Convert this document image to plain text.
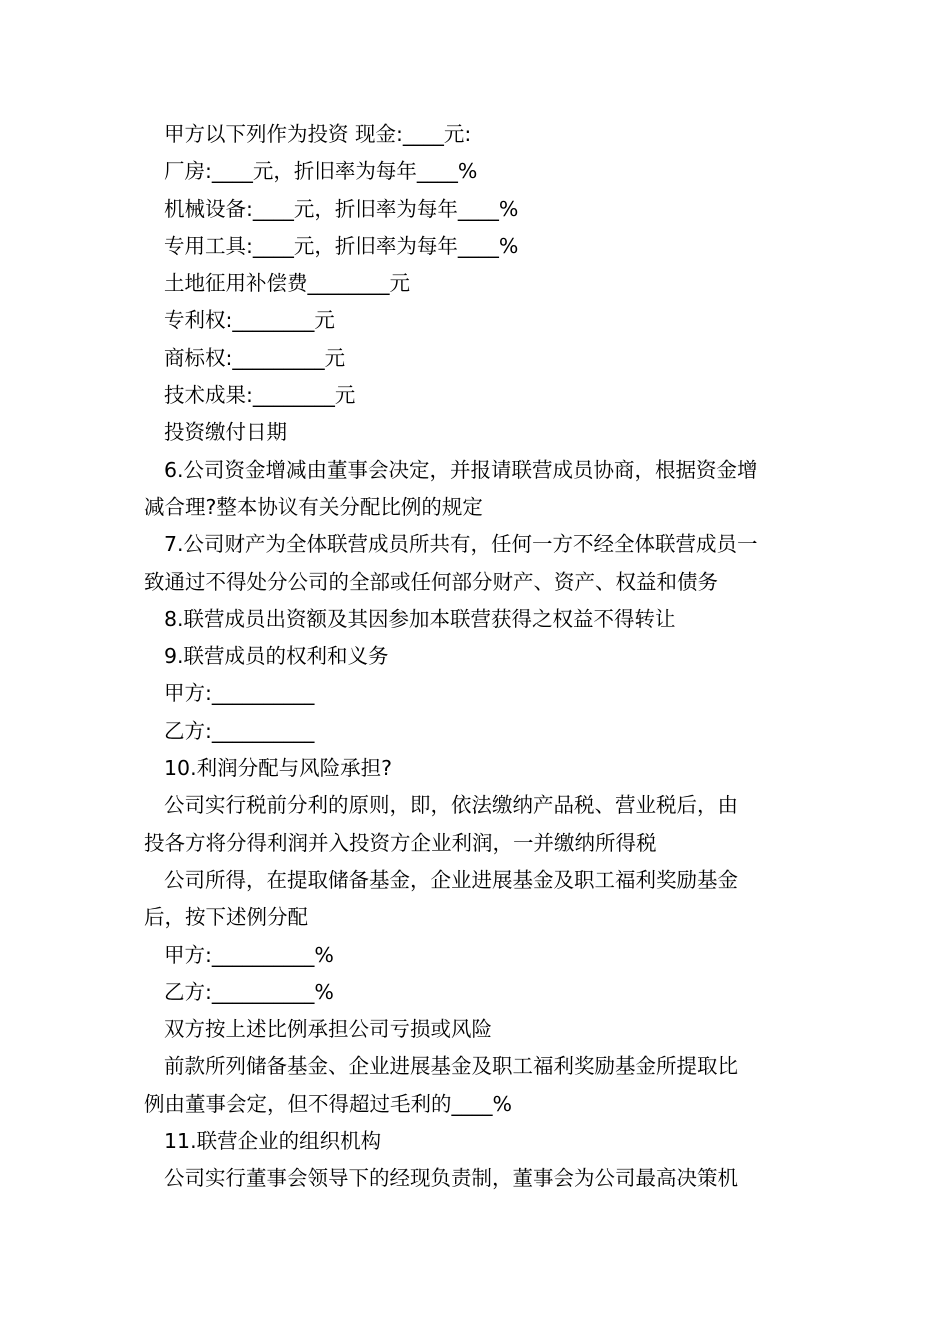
甲方以下列作为投资 现金:____元:

厂房:____元，折旧率为每年____%

机械设备:____元，折旧率为每年____%

专用工具:____元，折旧率为每年____%

土地征用补偿费________元

专利权:________元

商标权:_________元

技术成果:________元

投资缴付日期

6.公司资金增减由董事会决定，并报请联营成员协商，根据资金增

减合理?整本协议有关分配比例的规定

7.公司财产为全体联营成员所共有，任何一方不经全体联营成员一

致通过不得处分公司的全部或任何部分财产、资产、权益和债务

8.联营成员出资额及其因参加本联营获得之权益不得转让

9.联营成员的权利和义务

甲方:__________

乙方:__________

10.利润分配与风险承担?

公司实行税前分利的原则，即，依法缴纳产品税、营业税后，由

投各方将分得利润并入投资方企业利润，一并缴纳所得税

公司所得，在提取储备基金，企业进展基金及职工福利奖励基金

后，按下述例分配

甲方:__________%

乙方:__________%

双方按上述比例承担公司亏损或风险

前款所列储备基金、企业进展基金及职工福利奖励基金所提取比

例由董事会定，但不得超过毛利的____%

11.联营企业的组织机构

公司实行董事会领导下的经现负责制，董事会为公司最高决策机
